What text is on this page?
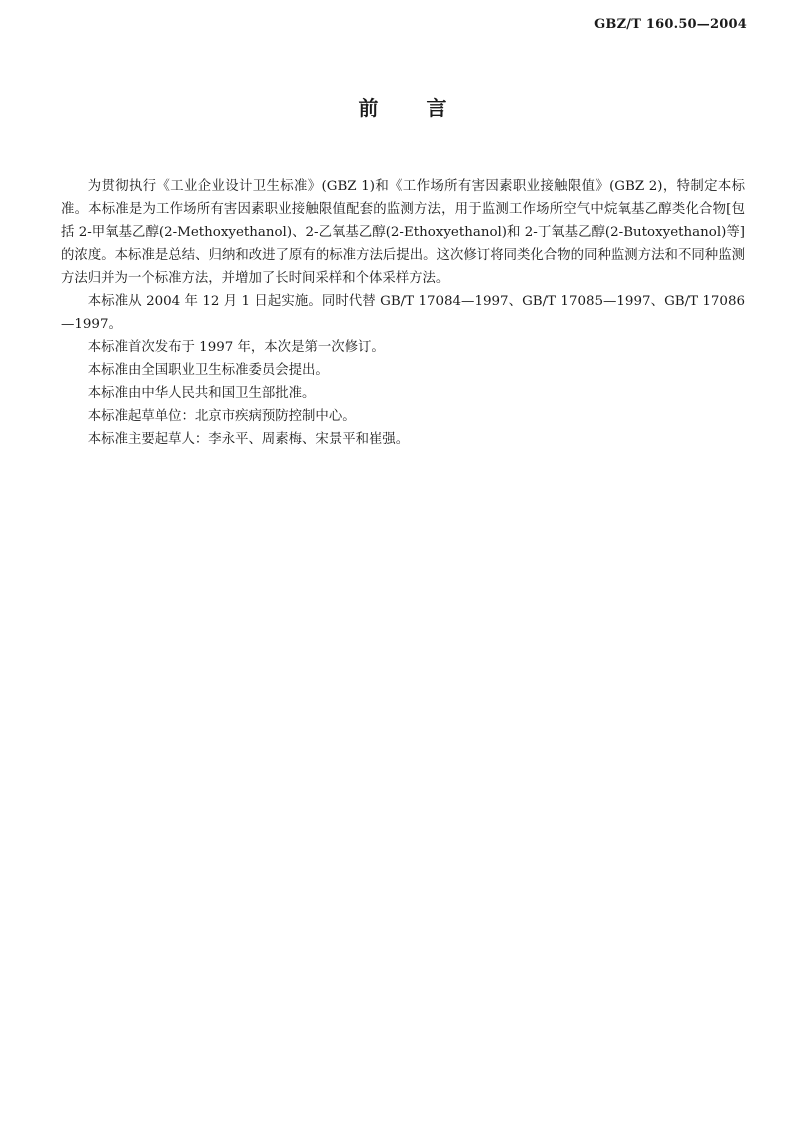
GBZ/T 160.50—2004
前言

为贯彻执行《工业企业设计卫生标准》(GBZ 1)和《工作场所有害因素职业接触限值》(GBZ 2)，特制定本标准。本标准是为工作场所有害因素职业接触限值配套的监测方法，用于监测工作场所空气中烷氧基乙醇类化合物[包括 2-甲氧基乙醇(2-Methoxyethanol)、2-乙氧基乙醇(2-Ethoxyethanol)和 2-丁氧基乙醇(2-Butoxyethanol)等]的浓度。本标准是总结、归纳和改进了原有的标准方法后提出。这次修订将同类化合物的同种监测方法和不同种监测方法归并为一个标准方法，并增加了长时间采样和个体采样方法。

本标准从 2004 年 12 月 1 日起实施。同时代替 GB/T 17084—1997、GB/T 17085—1997、GB/T 17086—1997。

本标准首次发布于 1997 年，本次是第一次修订。

本标准由全国职业卫生标准委员会提出。

本标准由中华人民共和国卫生部批准。

本标准起草单位：北京市疾病预防控制中心。

本标准主要起草人：李永平、周素梅、宋景平和崔强。
